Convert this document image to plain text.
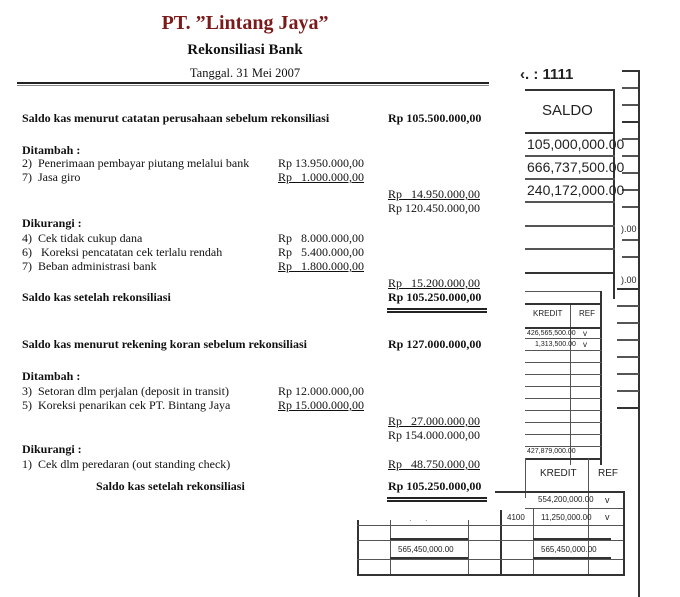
).00
).00
‹. : 1111
SALDO
105,000,000.00
666,737,500.00
240,172,000.00
KREDIT REF
426,565,500.00 v
1,313,500.00 v
427,879,000.00
KREDIT REF
554,200,000.00 v
4100 11,250,000.00 v
565,450,000.00	565,450,000.00
PT. ”Lintang Jaya”
Rekonsiliasi Bank
Tanggal. 31 Mei 2007
Saldo kas menurut catatan perusahaan sebelum rekonsiliasi	Rp 105.500.000,00
Ditambah :
2)  Penerimaan pembayar piutang melalui bank Rp 13.950.000,00
7)  Jasa giro	Rp   1.000.000,00
Rp   14.950.000,00
Rp 120.450.000,00
Dikurangi :
4)  Cek tidak cukup dana	Rp   8.000.000,00
6)   Koreksi pencatatan cek terlalu rendah	Rp   5.400.000,00
7)  Beban administrasi bank	Rp   1.800.000,00
Rp   15.200.000,00
Saldo kas setelah rekonsiliasi	Rp 105.250.000,00
Saldo kas menurut rekening koran sebelum rekonsiliasi	Rp 127.000.000,00
Ditambah :
3)  Setoran dlm perjalan (deposit in transit)	Rp 12.000.000,00
5)  Koreksi penarikan cek PT. Bintang Jaya	Rp 15.000.000,00
Rp   27.000.000,00
Rp 154.000.000,00
Dikurangi :
1)  Cek dlm peredaran (out standing check)	Rp   48.750.000,00
Saldo kas setelah rekonsiliasi	Rp 105.250.000,00
